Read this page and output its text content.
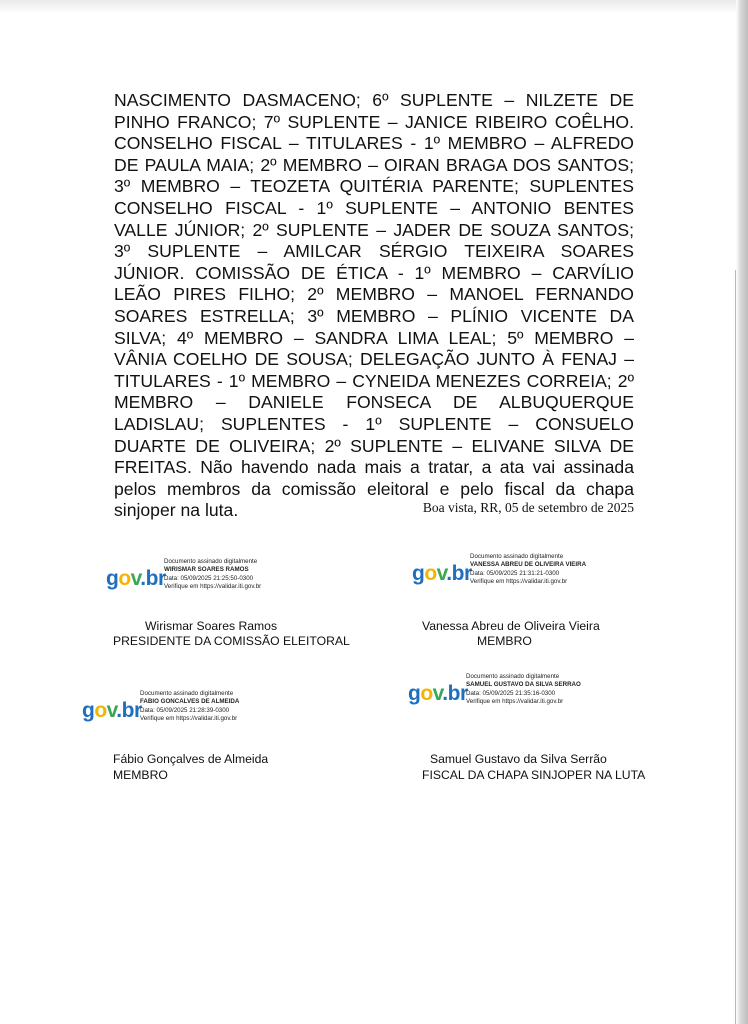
NASCIMENTO DASMACENO; 6º SUPLENTE – NILZETE DE PINHO FRANCO; 7º SUPLENTE – JANICE RIBEIRO COÊLHO. CONSELHO FISCAL – TITULARES - 1º MEMBRO – ALFREDO DE PAULA MAIA; 2º MEMBRO – OIRAN BRAGA DOS SANTOS; 3º MEMBRO – TEOZETA QUITÉRIA PARENTE; SUPLENTES CONSELHO FISCAL - 1º SUPLENTE – ANTONIO BENTES VALLE JÚNIOR; 2º SUPLENTE – JADER DE SOUZA SANTOS; 3º SUPLENTE – AMILCAR SÉRGIO TEIXEIRA SOARES JÚNIOR. COMISSÃO DE ÉTICA - 1º MEMBRO – CARVÍLIO LEÃO PIRES FILHO; 2º MEMBRO – MANOEL FERNANDO SOARES ESTRELLA; 3º MEMBRO – PLÍNIO VICENTE DA SILVA; 4º MEMBRO – SANDRA LIMA LEAL; 5º MEMBRO – VÂNIA COELHO DE SOUSA; DELEGAÇÃO JUNTO À FENAJ – TITULARES - 1º MEMBRO – CYNEIDA MENEZES CORREIA; 2º MEMBRO – DANIELE FONSECA DE ALBUQUERQUE LADISLAU; SUPLENTES - 1º SUPLENTE – CONSUELO DUARTE DE OLIVEIRA; 2º SUPLENTE – ELIVANE SILVA DE FREITAS. Não havendo nada mais a tratar, a ata vai assinada pelos membros da comissão eleitoral e pelo fiscal da chapa sinjoper na luta.	Boa vista, RR, 05 de setembro de 2025
gov.br
Documento assinado digitalmente
WIRISMAR SOARES RAMOS
Data: 05/09/2025 21:25:50-0300
Verifique em https://validar.iti.gov.br
Wirismar Soares Ramos
PRESIDENTE DA COMISSÃO ELEITORAL
gov.br
Documento assinado digitalmente
VANESSA ABREU DE OLIVEIRA VIEIRA
Data: 05/09/2025 21:31:21-0300
Verifique em https://validar.iti.gov.br
Vanessa Abreu de Oliveira Vieira
MEMBRO
gov.br
Documento assinado digitalmente
FABIO GONCALVES DE ALMEIDA
Data: 05/09/2025 21:28:39-0300
Verifique em https://validar.iti.gov.br
Fábio Gonçalves de Almeida
MEMBRO
gov.br
Documento assinado digitalmente
SAMUEL GUSTAVO DA SILVA SERRAO
Data: 05/09/2025 21:35:16-0300
Verifique em https://validar.iti.gov.br
Samuel Gustavo da Silva Serrão
FISCAL DA CHAPA SINJOPER NA LUTA
